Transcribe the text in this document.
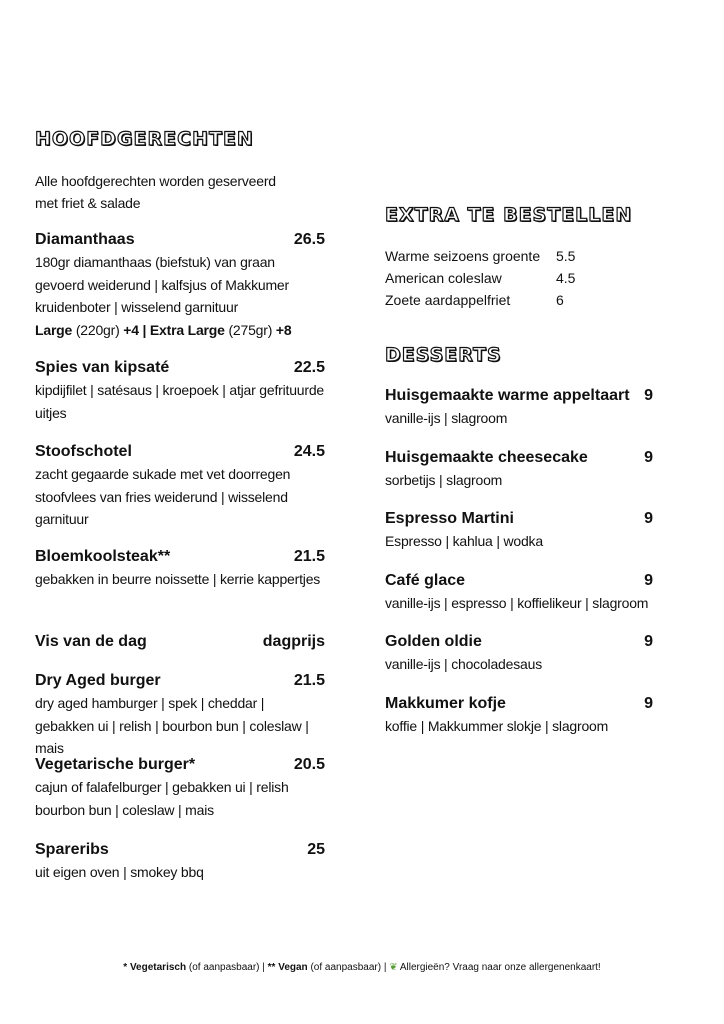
HOOFDGERECHTEN
Alle hoofdgerechten worden geserveerd
met friet & salade
Diamanthaas	26.5
180gr diamanthaas (biefstuk) van graan gevoerd weiderund | kalfsjus of Makkumer kruidenboter | wisselend garnituur
Large (220gr) +4 | Extra Large (275gr) +8
Spies van kipsaté	22.5
kipdijfilet | satésaus | kroepoek | atjar gefrituurde uitjes
Stoofschotel	24.5
zacht gegaarde sukade met vet doorregen stoofvlees van fries weiderund | wisselend garnituur
Bloemkoolsteak**	21.5
gebakken in beurre noissette | kerrie kappertjes
Vis van de dag	dagprijs
Dry Aged burger	21.5
dry aged hamburger | spek | cheddar | gebakken ui | relish | bourbon bun | coleslaw | mais
Vegetarische burger*	20.5
cajun of falafelburger | gebakken ui | relish bourbon bun | coleslaw | mais
Spareribs	25
uit eigen oven | smokey bbq
EXTRA TE BESTELLEN
Warme seizoens groente 5.5
American coleslaw	4.5
Zoete aardappelfriet	6
DESSERTS
Huisgemaakte warme appeltaart 9
vanille-ijs | slagroom
Huisgemaakte cheesecake	9
sorbetijs | slagroom
Espresso Martini	9
Espresso | kahlua | wodka
Café glace	9
vanille-ijs | espresso | koffielikeur | slagroom
Golden oldie	9
vanille-ijs | chocoladesaus
Makkumer kofje	9
koffie | Makkummer slokje | slagroom
* Vegetarisch (of aanpasbaar) | ** Vegan (of aanpasbaar) | ❦ Allergieën? Vraag naar onze allergenenkaart!
